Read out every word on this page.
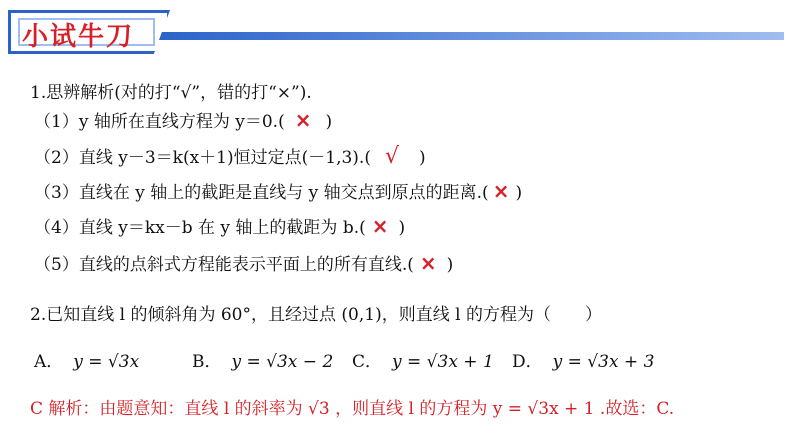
小试牛刀
1.思辨解析(对的打“√”，错的打“×”).
（1）y 轴所在直线方程为 y＝0.( × )
（2）直线 y－3＝k(x＋1)恒过定点(－1,3).( √ )
（3）直线在 y 轴上的截距是直线与 y 轴交点到原点的距离.( × )
（4）直线 y＝kx－b 在 y 轴上的截距为 b.( × )
（5）直线的点斜式方程能表示平面上的所有直线.( × )
2.已知直线 l 的倾斜角为 60°，且经过点 (0,1)，则直线 l 的方程为（　　）
A． y = √3x	B． y = √3x − 2 C． y = √3x + 1 D． y = √3x + 3
C 解析：由题意知：直线 l 的斜率为 √3 ，则直线 l 的方程为 y = √3x + 1 .故选：C.
